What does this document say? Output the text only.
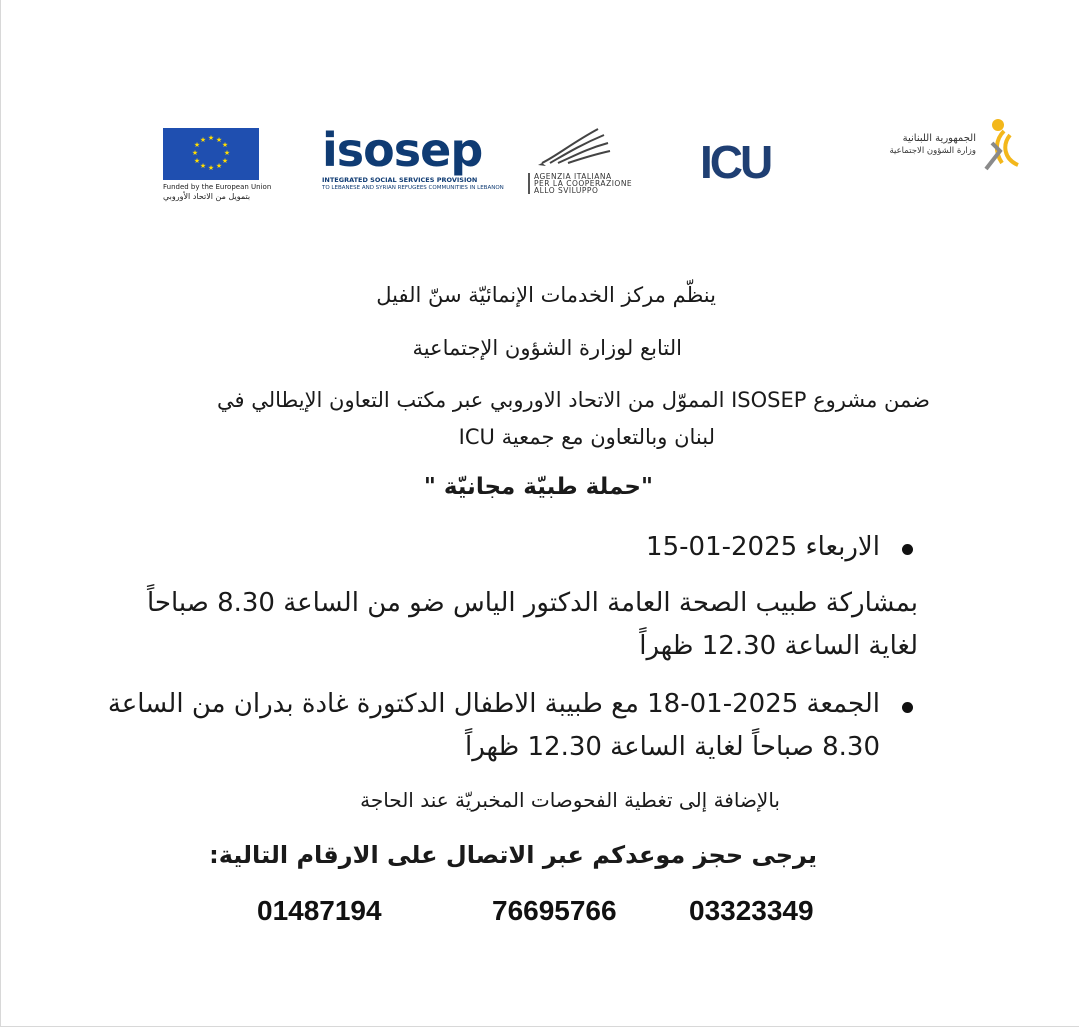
★ ★
★
★
★
★
★
★
★
★
★
★
Funded by the European Union
بتمويل من الاتحاد الأوروبي
isosep
INTEGRATED SOCIAL SERVICES PROVISION
TO LEBANESE AND SYRIAN REFUGEES COMMUNITIES IN LEBANON
AGENZIA ITALIANA
PER LA COOPERAZIONE
ALLO SVILUPPO
ICU	الجمهورية اللبنانية
وزارة الشؤون الاجتماعية
ينظّم مركز الخدمات الإنمائيّة سنّ الفيل
التابع لوزارة الشؤون الإجتماعية
ضمن مشروع ISOSEP المموّل من الاتحاد الاوروبي عبر مكتب التعاون الإيطالي في
لبنان وبالتعاون مع جمعية ICU
"حملة طبيّة مجانيّة "
الاربعاء 2025-01-15
بمشاركة طبيب الصحة العامة الدكتور الياس ضو من الساعة 8.30 صباحاً
لغاية الساعة 12.30 ظهراً
الجمعة 2025-01-18 مع طبيبة الاطفال الدكتورة غادة بدران من الساعة
8.30 صباحاً لغاية الساعة 12.30 ظهراً
بالإضافة إلى تغطية الفحوصات المخبريّة عند الحاجة
يرجى حجز موعدكم عبر الاتصال على الارقام التالية:
03323349
76695766
01487194
